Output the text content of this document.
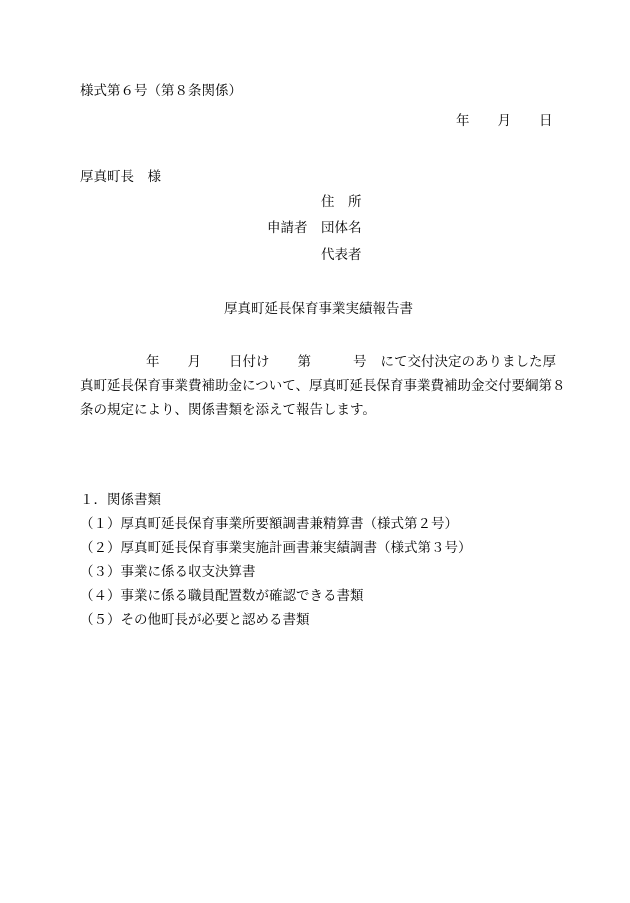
様式第６号（第８条関係）
年 月 日
厚真町長　様
住　所
申請者 団体名
代表者
厚真町延長保育事業実績報告書
年 月 日付け 第	号 にて交付決定のありました厚
真町延長保育事業費補助金について、厚真町延長保育事業費補助金交付要綱第８
条の規定により、関係書類を添えて報告します。
１．関係書類
（１）厚真町延長保育事業所要額調書兼精算書（様式第２号）
（２）厚真町延長保育事業実施計画書兼実績調書（様式第３号）
（３）事業に係る収支決算書
（４）事業に係る職員配置数が確認できる書類
（５）その他町長が必要と認める書類
